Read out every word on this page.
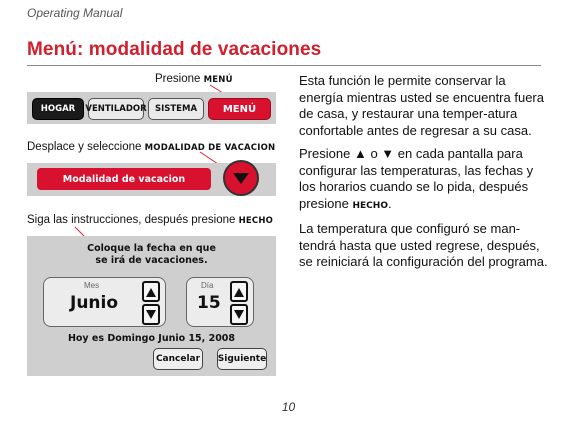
Operating Manual
Menú: modalidad de vacaciones
Presione MENÚ
HOGAR	VENTILADOR SISTEMA	MENÚ
Desplace y seleccione MODALIDAD DE VACACION
Modalidad de vacacion
Siga las instrucciones, después presione HECHO
Coloque la fecha en que
se irá de vacaciones.
Mes
Junio
Día
15
Hoy es Domingo Junio 15, 2008
Cancelar	Siguiente

Esta función le permite conservar la energía mientras usted se encuentra fuera de casa, y restaurar una temper-atura confortable antes de regresar a su casa.

Presione ▲ o ▼ en cada pantalla para configurar las temperaturas, las fechas y los horarios cuando se lo pida, después presione HECHO.

La temperatura que configuró se man-tendrá hasta que usted regrese, después, se reiniciará la configuración del programa.

10
